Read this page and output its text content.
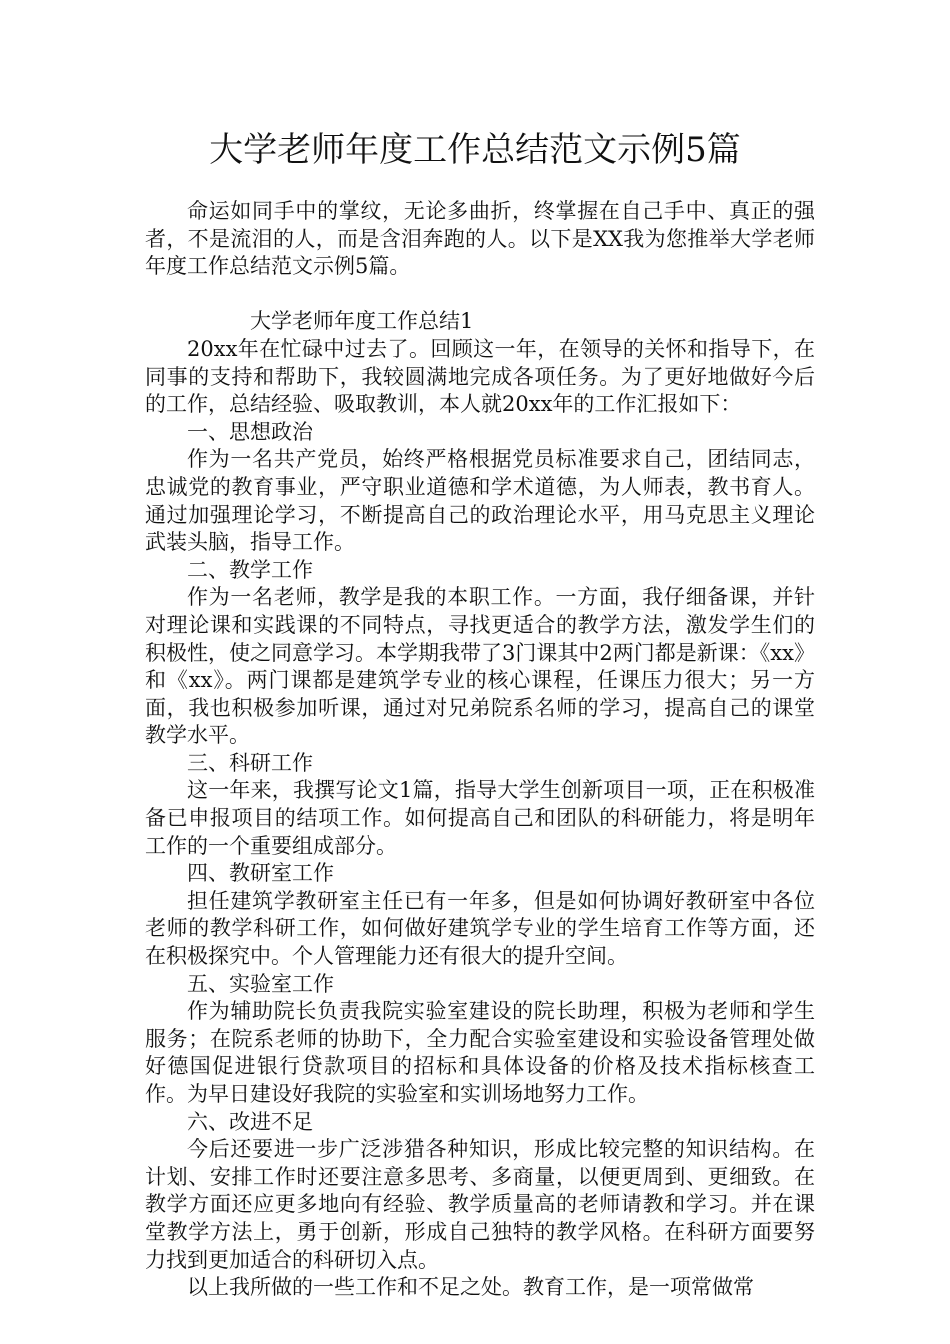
大学老师年度工作总结范文示例5篇

命运如同手中的掌纹，无论多曲折，终掌握在自己手中、真正的强者，不是流泪的人，而是含泪奔跑的人。以下是XX我为您推举大学老师年度工作总结范文示例5篇。

大学老师年度工作总结1

20xx年在忙碌中过去了。回顾这一年，在领导的关怀和指导下，在同事的支持和帮助下，我较圆满地完成各项任务。为了更好地做好今后的工作，总结经验、吸取教训，本人就20xx年的工作汇报如下：

一、思想政治

作为一名共产党员，始终严格根据党员标准要求自己，团结同志，忠诚党的教育事业，严守职业道德和学术道德，为人师表，教书育人。通过加强理论学习，不断提高自己的政治理论水平，用马克思主义理论武装头脑，指导工作。

二、教学工作

作为一名老师，教学是我的本职工作。一方面，我仔细备课，并针对理论课和实践课的不同特点，寻找更适合的教学方法，激发学生们的积极性，使之同意学习。本学期我带了3门课其中2两门都是新课：《xx》和《xx》。两门课都是建筑学专业的核心课程，任课压力很大；另一方面，我也积极参加听课，通过对兄弟院系名师的学习，提高自己的课堂教学水平。

三、科研工作

这一年来，我撰写论文1篇，指导大学生创新项目一项，正在积极准备已申报项目的结项工作。如何提高自己和团队的科研能力，将是明年工作的一个重要组成部分。

四、教研室工作

担任建筑学教研室主任已有一年多，但是如何协调好教研室中各位老师的教学科研工作，如何做好建筑学专业的学生培育工作等方面，还在积极探究中。个人管理能力还有很大的提升空间。

五、实验室工作

作为辅助院长负责我院实验室建设的院长助理，积极为老师和学生服务；在院系老师的协助下，全力配合实验室建设和实验设备管理处做好德国促进银行贷款项目的招标和具体设备的价格及技术指标核查工作。为早日建设好我院的实验室和实训场地努力工作。

六、改进不足

今后还要进一步广泛涉猎各种知识，形成比较完整的知识结构。在计划、安排工作时还要注意多思考、多商量，以便更周到、更细致。在教学方面还应更多地向有经验、教学质量高的老师请教和学习。并在课堂教学方法上，勇于创新，形成自己独特的教学风格。在科研方面要努力找到更加适合的科研切入点。

以上我所做的一些工作和不足之处。教育工作，是一项常做常
